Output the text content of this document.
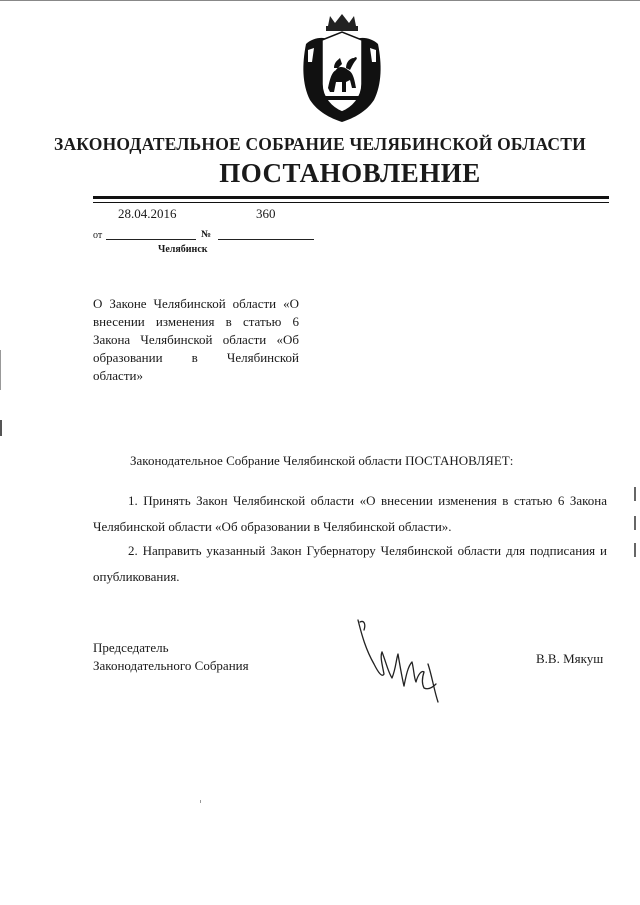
ЗАКОНОДАТЕЛЬНОЕ СОБРАНИЕ ЧЕЛЯБИНСКОЙ ОБЛАСТИ
ПОСТАНОВЛЕНИЕ
28.04.2016	360
от	№
Челябинск
О Законе Челябинской области «О внесении изменения в статью 6 Закона Челябинской области «Об образовании в Челябинской области»
Законодательное Собрание Челябинской области ПОСТАНОВЛЯЕТ:
1. Принять Закон Челябинской области «О внесении изменения в статью 6 Закона Челябинской области «Об образовании в Челябинской области».
2. Направить указанный Закон Губернатору Челябинской области для подписания и опубликования.
Председатель
Законодательного Собрания	В.В. Мякуш
